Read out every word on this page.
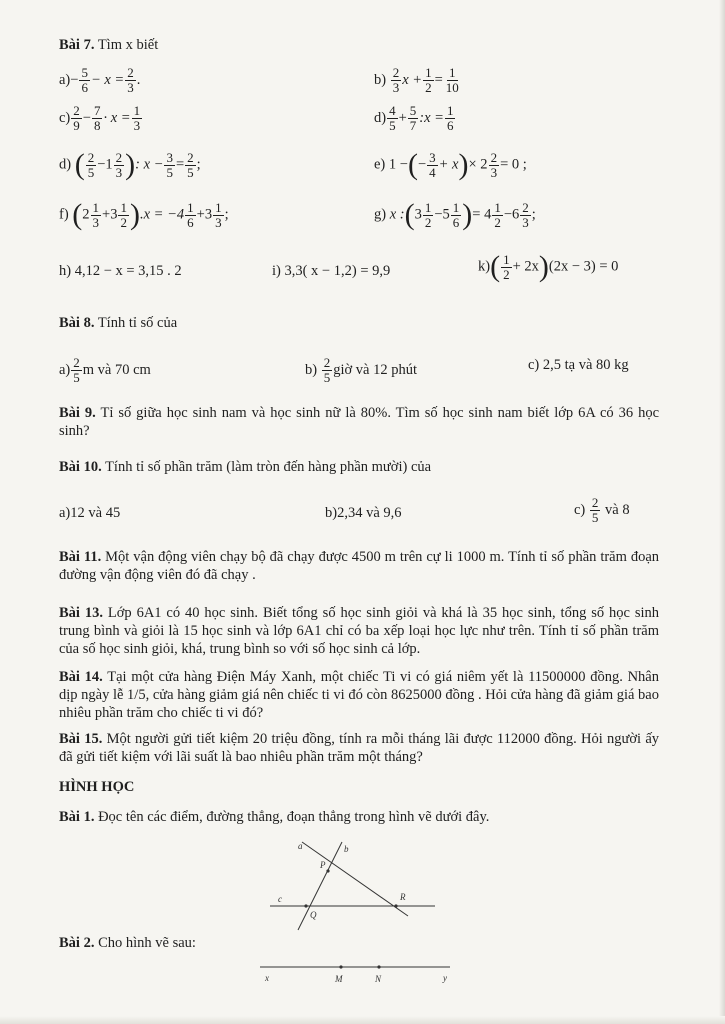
Bài 7. Tìm x biết
$a)- \frac{5}{6} - x = \frac{2}{3}$ .	$b) \frac{2}{3}$ $x + \frac{1}{2} = \frac{1}{10}$
$c) \frac{2}{9} - \frac{7}{8} \cdot x = \frac{1}{3}$	$d) \frac{4}{5} + \frac{5}{7}$ :x = $\frac{1}{6}$
d) ( $\frac{2}{5} -1 \frac{2}{3}$ ): $x - \frac{3}{5} = \frac{2}{5}$ ;	e) 1 −(− $\frac{3}{4} + x)\times 2 \frac{2}{3} = 0$ ;
f) $(2 \frac{1}{3} +3 \frac{1}{2} ).x = -4 \frac{1}{6} +3 \frac{1}{3}$ ;	g) x :(3 $\frac{1}{2} -5 \frac{1}{6}$ )= $4 \frac{1}{2} -6 \frac{2}{3}$ ;
h) 4,12 − x = 3,15 . 2	i) 3,3( x − 1,2) = 9,9	$k)( \frac{1}{2} + 2x)(2x - 3) = 0$
Bài 8. Tính tỉ số của
$a) \frac{2}{5}$ m và 70 cm	$b) \frac{2}{5}$ giờ và 12 phút	c) 2,5 tạ và 80 kg
Bài 9. Tỉ số giữa học sinh nam và học sinh nữ là 80%. Tìm số học sinh nam biết lớp 6A có 36 học sinh?
Bài 10. Tính tỉ số phần trăm (làm tròn đến hàng phần mười) của
a)12 và 45	b)2,34 và 9,6	$c) \frac{2}{5}$ và 8
Bài 11. Một vận động viên chạy bộ đã chạy được 4500 m trên cự li 1000 m. Tính tỉ số phần trăm đoạn đường vận động viên đó đã chạy .
Bài 13. Lớp 6A1 có 40 học sinh. Biết tổng số học sinh giỏi và khá là 35 học sinh, tổng số học sinh trung bình và giỏi là 15 học sinh và lớp 6A1 chỉ có ba xếp loại học lực như trên. Tính tỉ số phần trăm của số học sinh giỏi, khá, trung bình so với số học sinh cả lớp.
Bài 14. Tại một cửa hàng Điện Máy Xanh, một chiếc Ti vi có giá niêm yết là 11500000 đồng. Nhân dịp ngày lễ 1/5, cửa hàng giảm giá nên chiếc ti vi đó còn 8625000 đồng . Hỏi cửa hàng đã giảm giá bao nhiêu phần trăm cho chiếc ti vi đó?
Bài 15. Một người gửi tiết kiệm 20 triệu đồng, tính ra mỗi tháng lãi được 112000 đồng. Hỏi người ấy đã gửi tiết kiệm với lãi suất là bao nhiêu phần trăm một tháng?
HÌNH HỌC
Bài 1. Đọc tên các điểm, đường thẳng, đoạn thẳng trong hình vẽ dưới đây.
a	b
P
c	R
Q
Bài 2. Cho hình vẽ sau:
x	M	N	y
